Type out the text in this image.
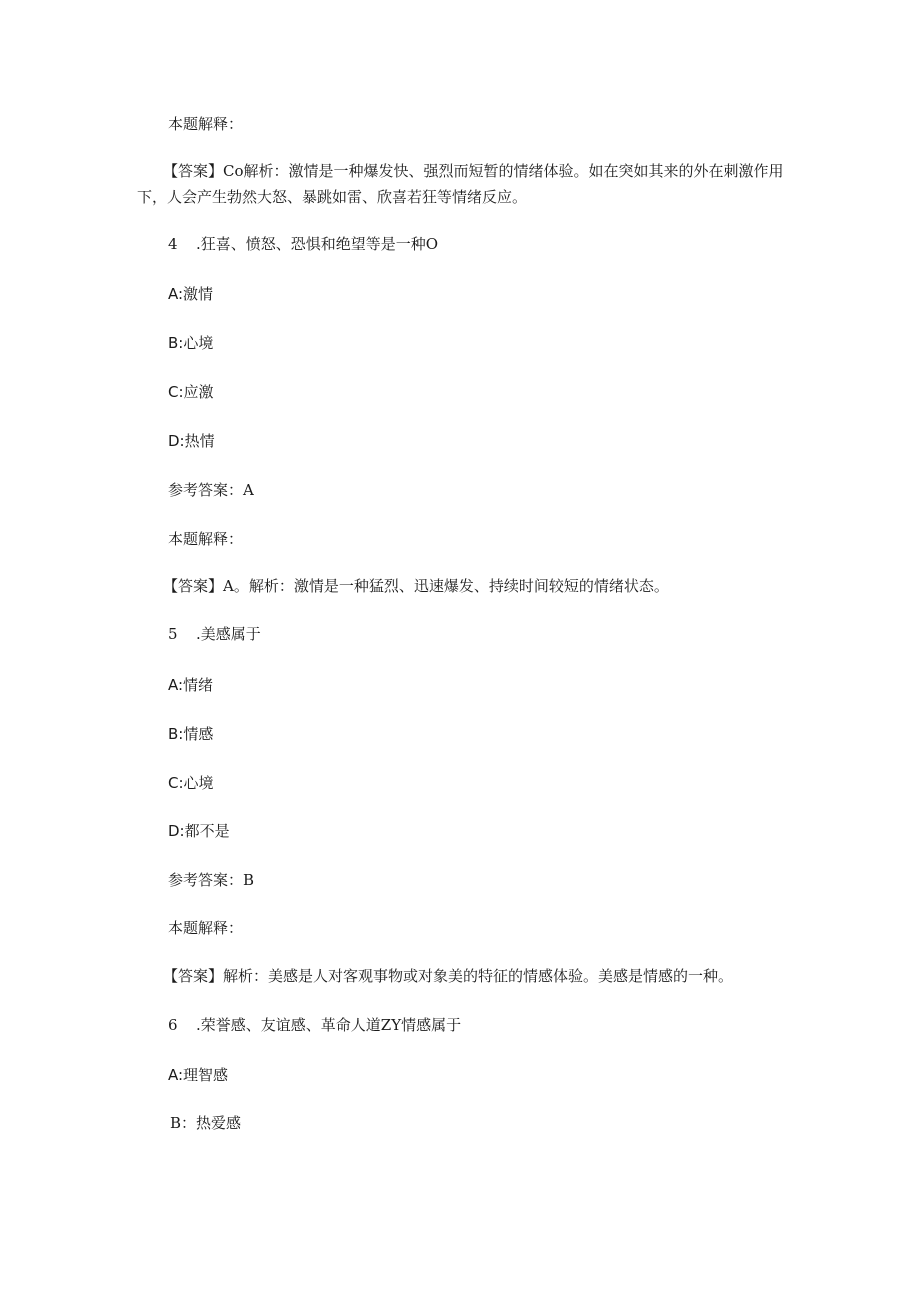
本题解释：
【答案】Co解析：激情是一种爆发快、强烈而短暂的情绪体验。如在突如其来的外在刺激作用下，人会产生勃然大怒、暴跳如雷、欣喜若狂等情绪反应。
4 .狂喜、愤怒、恐惧和绝望等是一种O
A:激情
B:心境
C:应激
D:热情
参考答案：A
本题解释：
【答案】A。解析：激情是一种猛烈、迅速爆发、持续时间较短的情绪状态。
5 .美感属于
A:情绪
B:情感
C:心境
D:都不是
参考答案：B
本题解释：
【答案】解析：美感是人对客观事物或对象美的特征的情感体验。美感是情感的一种。
6 .荣誉感、友谊感、革命人道ZY情感属于
A:理智感
B：热爱感
